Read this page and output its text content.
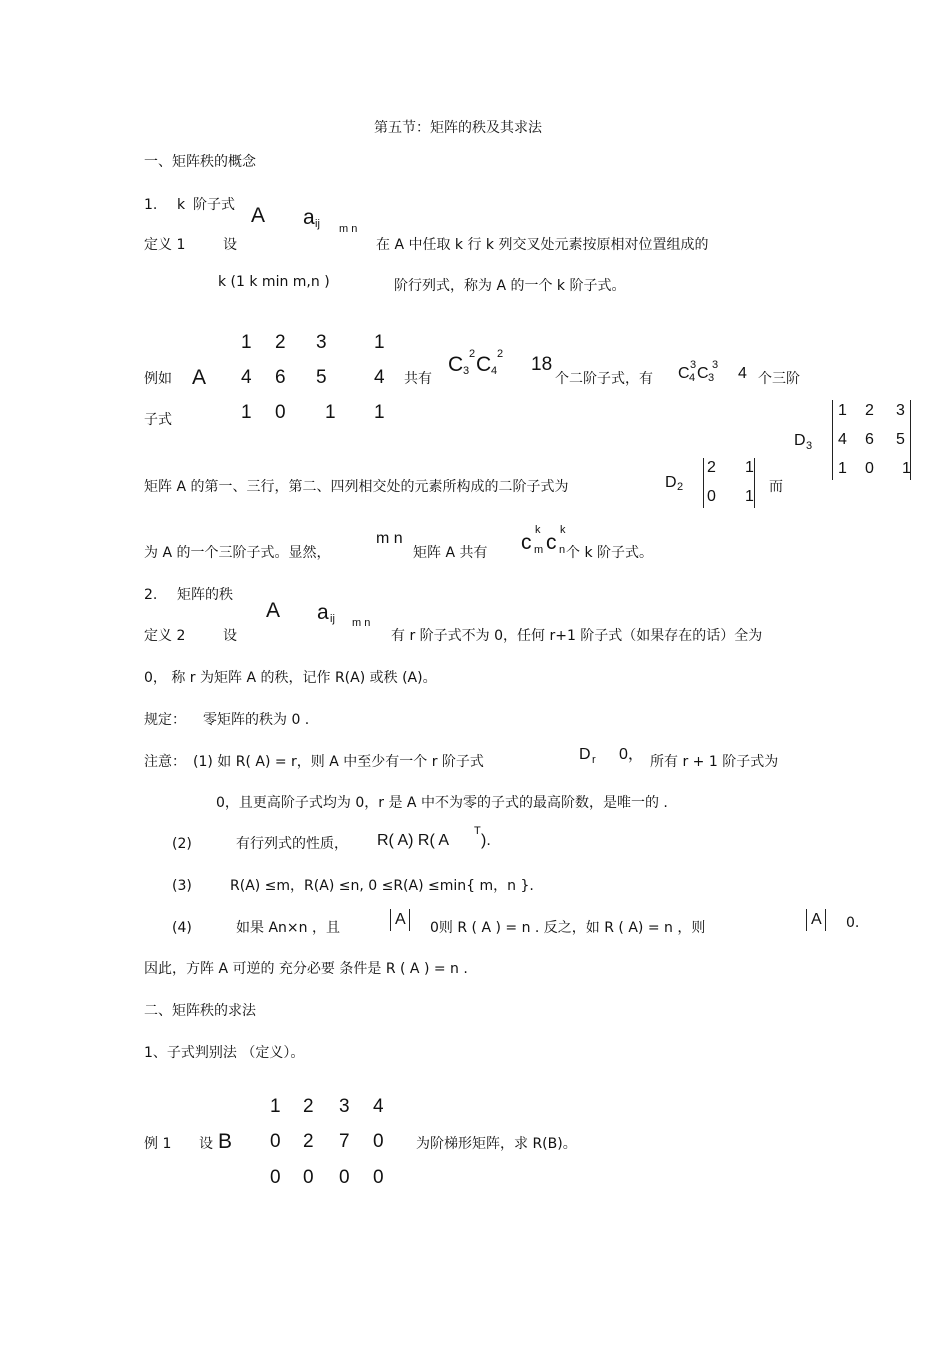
第五节：矩阵的秩及其求法
一、矩阵秩的概念
1. k 阶子式 A a ij m n
定义 1	设	在 A 中任取 k 行 k 列交叉处元素按原相对位置组成的
k (1 k min m,n )	阶行列式，称为 A 的一个 k 阶子式。
1 2 3 1
4 6 5 4
1 0 1 1
例如 A	共有
C 3
2 C 4
2 18
个二阶子式，有 C 4
3 C 3
3 4 个三阶
子式
1 2 3
4 6 5
1 0 1
D 3
矩阵 A 的第一、三行，第二、四列相交处的元素所构成的二阶子式为	D 2
2 1
0 1
而
为 A 的一个三阶子式。显然，
m n
矩阵 A 共有 c m
k
c n
k
个 k 阶子式。
2. 矩阵的秩
A a ij m n
定义 2	设	有 r 阶子式不为 0，任何 r+1 阶子式（如果存在的话）全为
0， 称 r 为矩阵 A 的秩，记作 R(A) 或秩 (A)。
规定： 零矩阵的秩为 0 .
注意： (1) 如 R( A) = r，则 A 中至少有一个 r 阶子式	D r 0， 所有 r + 1 阶子式为
0，且更高阶子式均为 0，r 是 A 中不为零的子式的最高阶数，是唯一的 .
(2)	有行列式的性质， R( A) R( A
T
).
(3)	R(A) ≤m，R(A) ≤n, 0 ≤R(A) ≤min{ m，n }.
(4)	如果 An×n ，且	A 0则 R ( A ) = n . 反之，如 R ( A) = n ，则	A 0.
因此，方阵 A 可逆的 充分必要 条件是 R ( A ) = n .
二、矩阵秩的求法
1、子式判别法 （定义）。
例 1 设 B
1 2 3 4
0 2 7 0
0 0 0 0
为阶梯形矩阵，求 R(B)。
